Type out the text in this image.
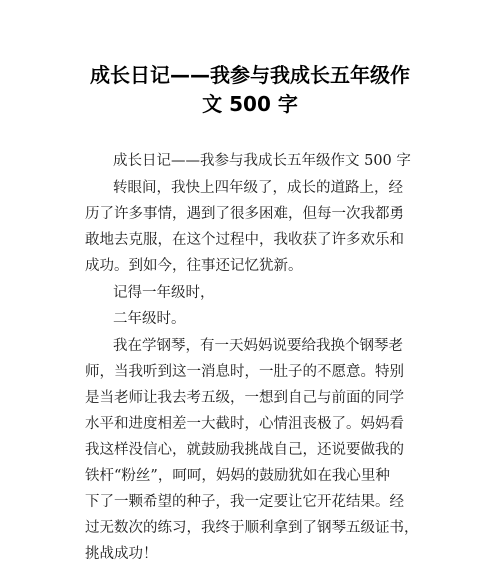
成长日记——我参与我成长五年级作
文 500 字
成长日记——我参与我成长五年级作文 500 字
转眼间，我快上四年级了，成长的道路上，经
历了许多事情，遇到了很多困难，但每一次我都勇
敢地去克服，在这个过程中，我收获了许多欢乐和
成功。到如今，往事还记忆犹新。
记得一年级时，
二年级时。
我在学钢琴，有一天妈妈说要给我换个钢琴老
师，当我听到这一消息时，一肚子的不愿意。特别
是当老师让我去考五级，一想到自己与前面的同学
水平和进度相差一大截时，心情沮丧极了。妈妈看
我这样没信心，就鼓励我挑战自己，还说要做我的
铁杆“粉丝”，呵呵，妈妈的鼓励犹如在我心里种
下了一颗希望的种子，我一定要让它开花结果。经
过无数次的练习，我终于顺利拿到了钢琴五级证书，
挑战成功！
